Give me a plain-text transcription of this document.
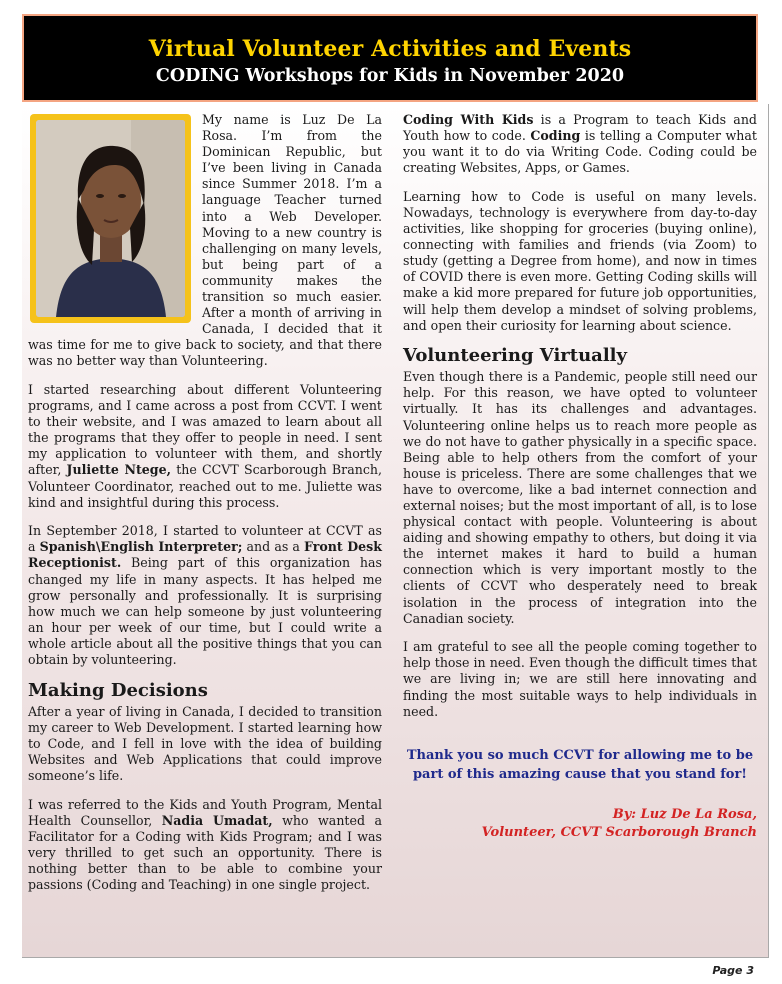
Virtual Volunteer Activities and Events
CODING Workshops for Kids in November 2020

My name is Luz De La Rosa. I’m from the Dominican Republic, but I’ve been living in Canada since Summer 2018. I’m a language Teacher turned into a Web Developer. Moving to a new country is challenging on many levels, but being part of a community makes the transition so much easier. After a month of arriving in Canada, I decided that it was time for me to give back to society, and that there was no better way than Volunteering.

I started researching about different Volunteering programs, and I came across a post from CCVT. I went to their website, and I was amazed to learn about all the programs that they offer to people in need. I sent my application to volunteer with them, and shortly after, Juliette Ntege, the CCVT Scarborough Branch, Volunteer Coordinator, reached out to me. Juliette was kind and insightful during this process.

In September 2018, I started to volunteer at CCVT as a Spanish\English Interpreter; and as a Front Desk Receptionist. Being part of this organization has changed my life in many aspects. It has helped me grow personally and professionally. It is surprising how much we can help someone by just volunteering an hour per week of our time, but I could write a whole article about all the positive things that you can obtain by volunteering.

Making Decisions

After a year of living in Canada, I decided to transition my career to Web Development. I started learning how to Code, and I fell in love with the idea of building Websites and Web Applications that could improve someone’s life.

I was referred to the Kids and Youth Program, Mental Health Counsellor, Nadia Umadat, who wanted a Facilitator for a Coding with Kids Program; and I was very thrilled to get such an opportunity. There is nothing better than to be able to combine your passions (Coding and Teaching) in one single project.

Coding With Kids is a Program to teach Kids and Youth how to code. Coding is telling a Computer what you want it to do via Writing Code. Coding could be creating Websites, Apps, or Games.

Learning how to Code is useful on many levels. Nowadays, technology is everywhere from day-to-day activities, like shopping for groceries (buying online), connecting with families and friends (via Zoom) to study (getting a Degree from home), and now in times of COVID there is even more. Getting Coding skills will make a kid more prepared for future job opportunities, will help them develop a mindset of solving problems, and open their curiosity for learning about science.

Volunteering Virtually

Even though there is a Pandemic, people still need our help. For this reason, we have opted to volunteer virtually. It has its challenges and advantages. Volunteering online helps us to reach more people as we do not have to gather physically in a specific space. Being able to help others from the comfort of your house is priceless. There are some challenges that we have to overcome, like a bad internet connection and external noises; but the most important of all, is to lose physical contact with people. Volunteering is about aiding and showing empathy to others, but doing it via the internet makes it hard to build a human connection which is very important mostly to the clients of CCVT who desperately need to break isolation in the process of integration into the Canadian society.

I am grateful to see all the people coming together to help those in need. Even though the difficult times that we are living in; we are still here innovating and finding the most suitable ways to help individuals in need.

Thank you so much CCVT for allowing me to be part of this amazing cause that you stand for!
By: Luz De La Rosa,
Volunteer, CCVT Scarborough Branch
Page 3
